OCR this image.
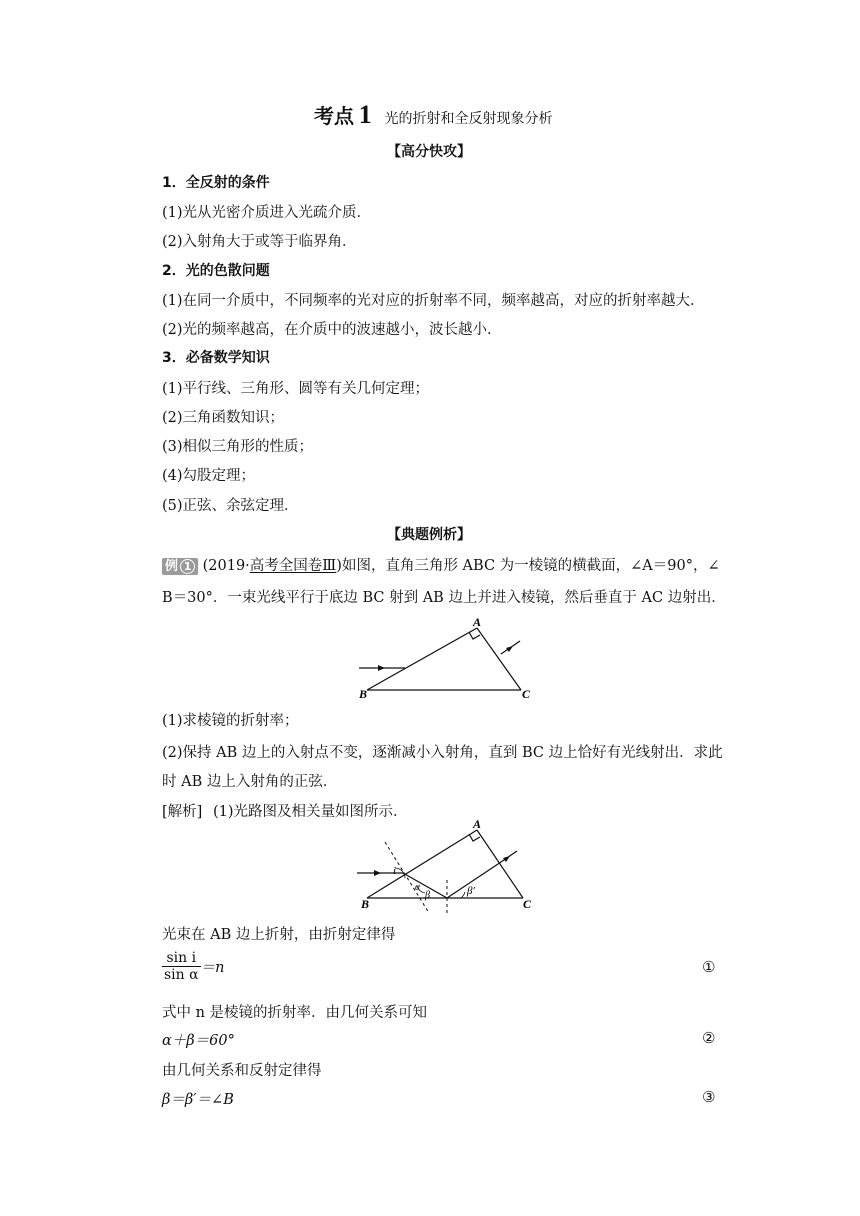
考点 1 光的折射和全反射现象分析
【高分快攻】
1．全反射的条件
(1)光从光密介质进入光疏介质．
(2)入射角大于或等于临界角．
2．光的色散问题
(1)在同一介质中，不同频率的光对应的折射率不同，频率越高，对应的折射率越大．
(2)光的频率越高，在介质中的波速越小，波长越小．
3．必备数学知识
(1)平行线、三角形、圆等有关几何定理；
(2)三角函数知识；
(3)相似三角形的性质；
(4)勾股定理；
(5)正弦、余弦定理．
【典题例析】
例 1 (2019·高考全国卷Ⅲ)如图，直角三角形 ABC 为一棱镜的横截面，∠A＝90°，∠
B＝30°．一束光线平行于底边 BC 射到 AB 边上并进入棱镜，然后垂直于 AC 边射出．
B
A
C
(1)求棱镜的折射率；
(2)保持 AB 边上的入射点不变，逐渐减小入射角，直到 BC 边上恰好有光线射出．求此
时 AB 边上入射角的正弦．
[解析] (1)光路图及相关量如图所示．
B
A
C
i
α
β	β′
光束在 AB 边上折射，由折射定律得
$\frac{\text{sin i}}{\text{sin α}} =n$	①
式中 n 是棱镜的折射率．由几何关系可知
α＋β＝60°	②
由几何关系和反射定律得
β＝β′＝∠B	③
